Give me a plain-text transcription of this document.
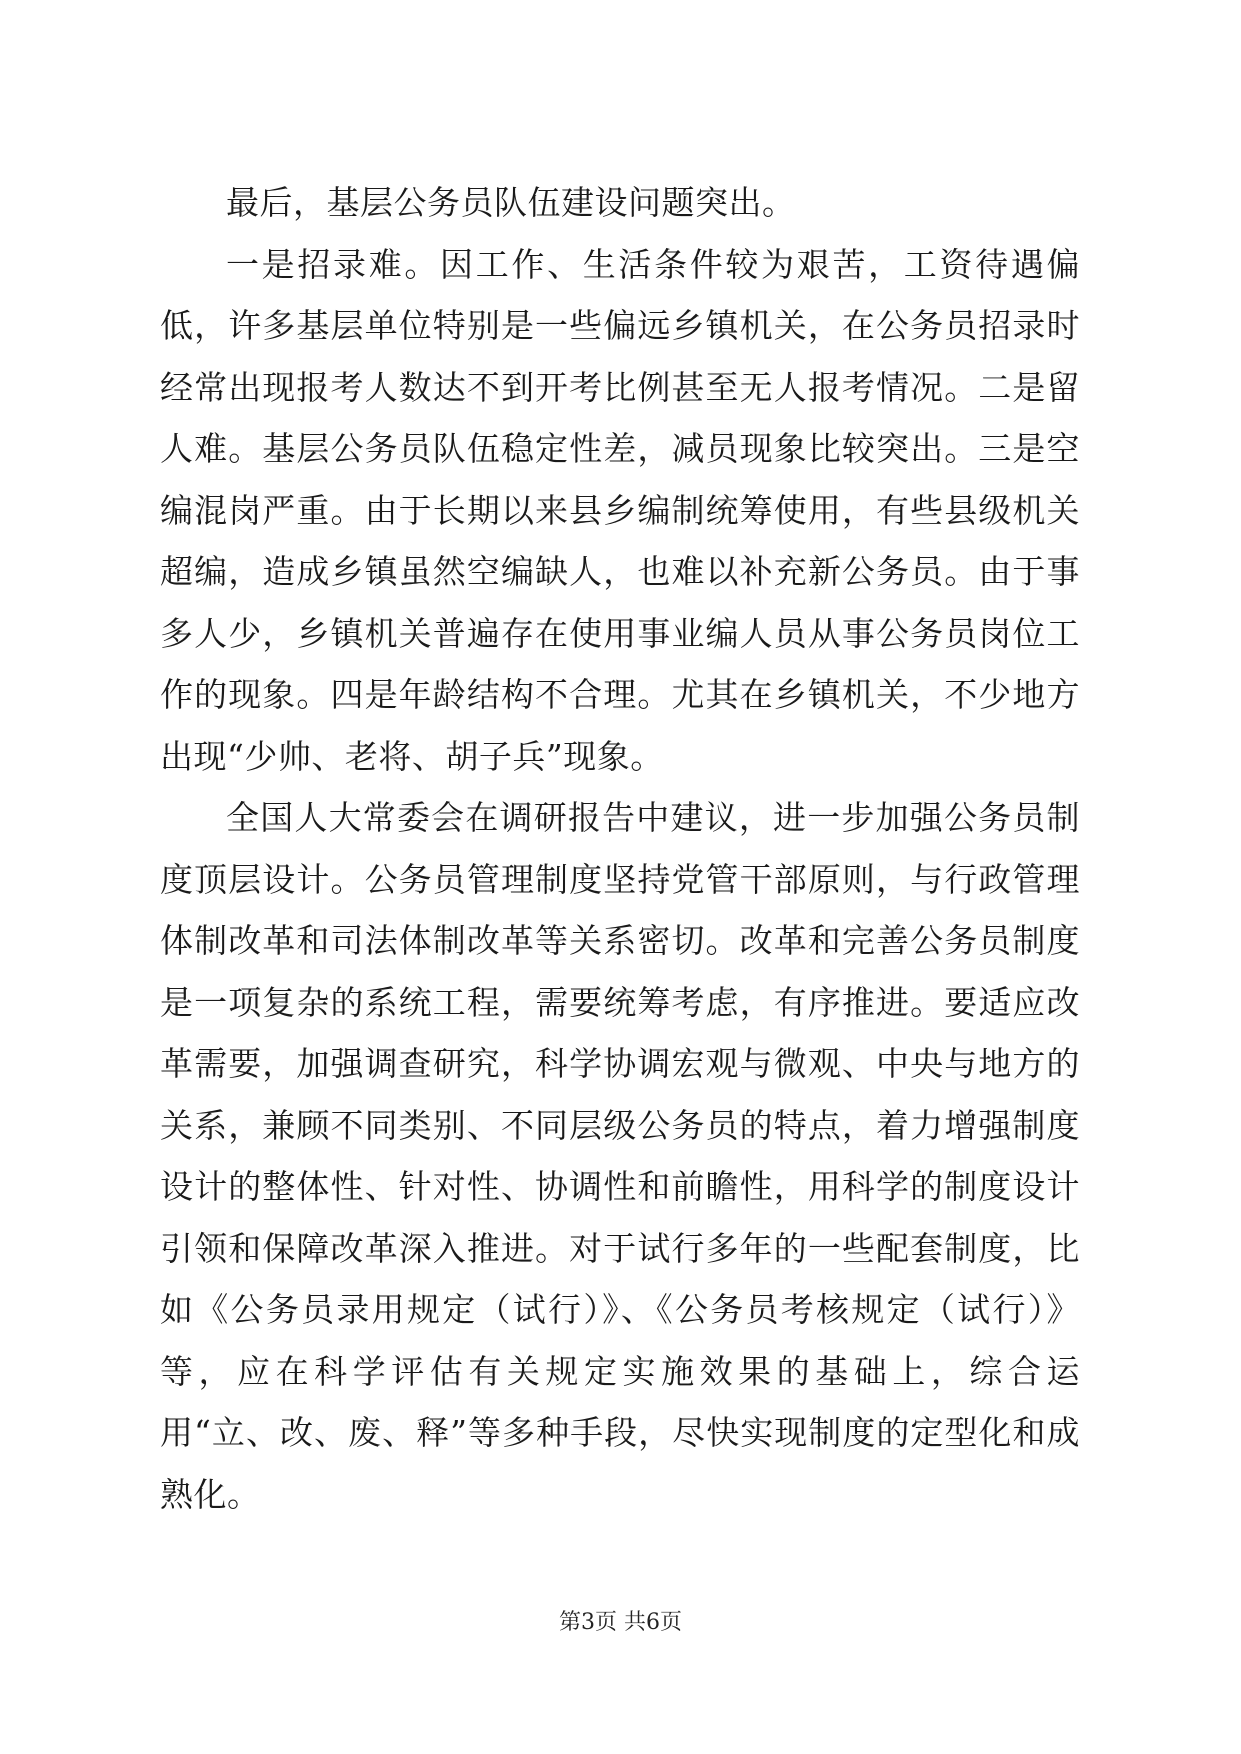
最后，基层公务员队伍建设问题突出。

一是招录难。因工作、生活条件较为艰苦，工资待遇偏低，许多基层单位特别是一些偏远乡镇机关，在公务员招录时经常出现报考人数达不到开考比例甚至无人报考情况。二是留人难。基层公务员队伍稳定性差，减员现象比较突出。三是空编混岗严重。由于长期以来县乡编制统筹使用，有些县级机关超编，造成乡镇虽然空编缺人，也难以补充新公务员。由于事多人少，乡镇机关普遍存在使用事业编人员从事公务员岗位工作的现象。四是年龄结构不合理。尤其在乡镇机关，不少地方出现“少帅、老将、胡子兵”现象。

全国人大常委会在调研报告中建议，进一步加强公务员制度顶层设计。公务员管理制度坚持党管干部原则，与行政管理体制改革和司法体制改革等关系密切。改革和完善公务员制度是一项复杂的系统工程，需要统筹考虑，有序推进。要适应改革需要，加强调查研究，科学协调宏观与微观、中央与地方的关系，兼顾不同类别、不同层级公务员的特点，着力增强制度设计的整体性、针对性、协调性和前瞻性，用科学的制度设计引领和保障改革深入推进。对于试行多年的一些配套制度，比如《公务员录用规定（试行）》、《公务员考核规定（试行）》等，应在科学评估有关规定实施效果的基础上，综合运用“立、改、废、释”等多种手段，尽快实现制度的定型化和成熟化。

第3页 共6页
